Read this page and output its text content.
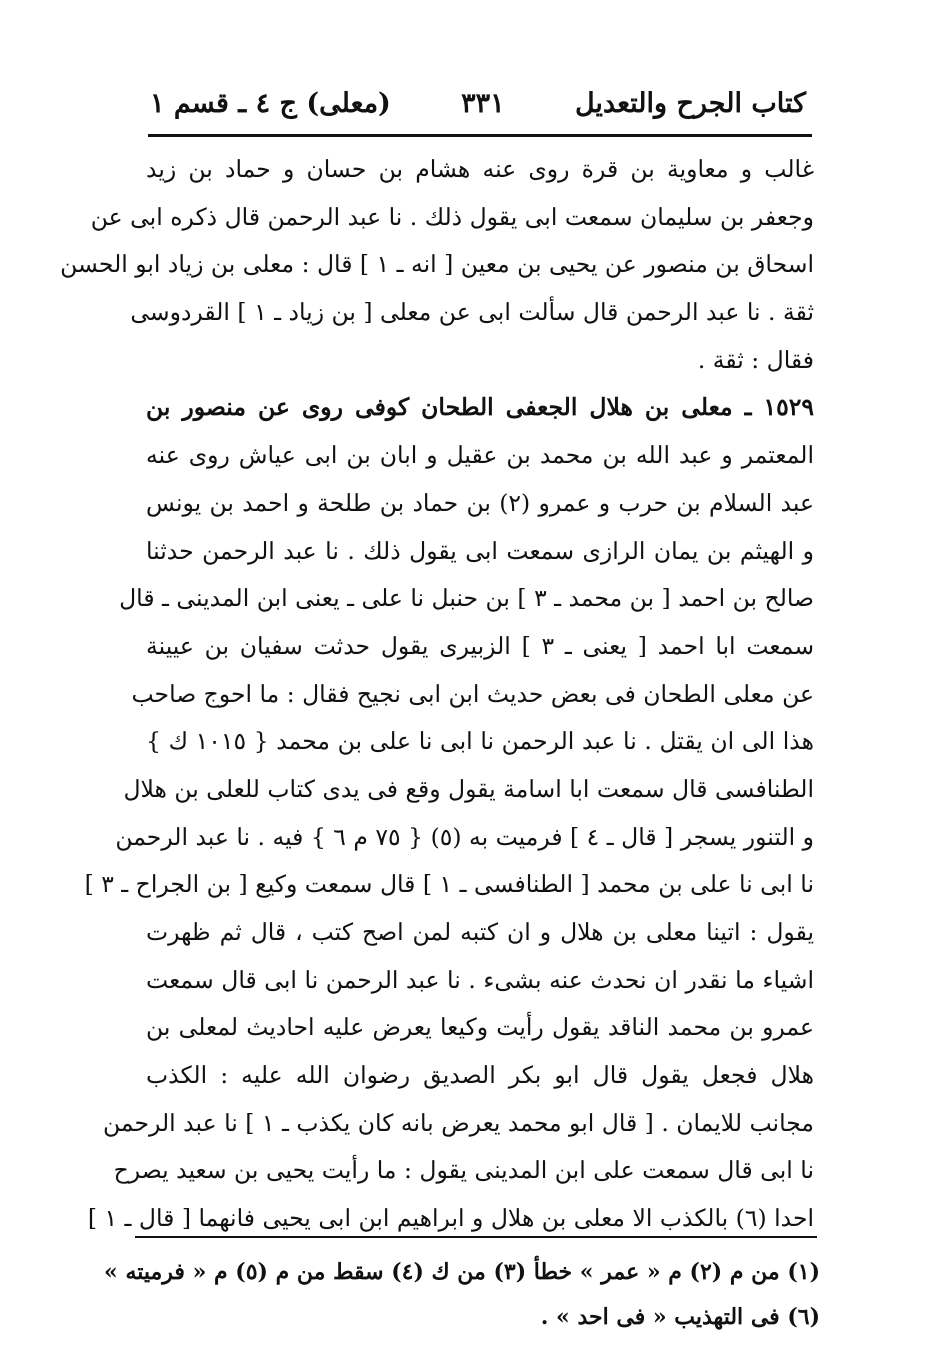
كتاب الجرح والتعديل
٣٣١
(معلى) ج ٤ ـ قسم ١
غالب و معاوية بن قرة روى عنه هشام بن حسان و حماد بن زيد
وجعفر بن سليمان سمعت ابى يقول ذلك . نا عبد الرحمن قال ذكره ابى عن
اسحاق بن منصور عن يحيى بن معين [ انه ـ ١ ] قال : معلى بن زياد ابو الحسن
ثقة . نا عبد الرحمن قال سألت ابى عن معلى [ بن زياد ـ ١ ] القردوسى
فقال : ثقة .
١٥٢٩ ـ معلى بن هلال الجعفى الطحان كوفى روى عن منصور بن
المعتمر و عبد الله بن محمد بن عقيل و ابان بن ابى عياش روى عنه
عبد السلام بن حرب و عمرو (٢) بن حماد بن طلحة و احمد بن يونس
و الهيثم بن يمان الرازى سمعت ابى يقول ذلك . نا عبد الرحمن حدثنا
صالح بن احمد [ بن محمد ـ ٣ ] بن حنبل نا على ـ يعنى ابن المدينى ـ قال
سمعت ابا احمد [ يعنى ـ ٣ ] الزبيرى يقول حدثت سفيان بن عيينة
عن معلى الطحان فى بعض حديث ابن ابى نجيح فقال : ما احوج صاحب
هذا الى ان يقتل . نا عبد الرحمن نا ابى نا على بن محمد { ١٠١٥ ك }
الطنافسى قال سمعت ابا اسامة يقول وقع فى يدى كتاب للعلى بن هلال
و التنور يسجر [ قال ـ ٤ ] فرميت به (٥) { ٧٥ م ٦ } فيه . نا عبد الرحمن
نا ابى نا على بن محمد [ الطنافسى ـ ١ ] قال سمعت وكيع [ بن الجراح ـ ٣ ]
يقول : اتينا معلى بن هلال و ان كتبه لمن اصح كتب ، قال ثم ظهرت
اشياء ما نقدر ان نحدث عنه بشىء . نا عبد الرحمن نا ابى قال سمعت
عمرو بن محمد الناقد يقول رأيت وكيعا يعرض عليه احاديث لمعلى بن
هلال فجعل يقول قال ابو بكر الصديق رضوان الله عليه : الكذب
مجانب للايمان . [ قال ابو محمد يعرض بانه كان يكذب ـ ١ ] نا عبد الرحمن
نا ابى قال سمعت على ابن المدينى يقول : ما رأيت يحيى بن سعيد يصرح
احدا (٦) بالكذب الا معلى بن هلال و ابراهيم ابن ابى يحيى فانهما [ قال ـ ١ ]
(١) من م (٢) م « عمر » خطأ (٣) من ك (٤) سقط من م (٥) م « فرميته »
(٦) فى التهذيب « فى احد » .
